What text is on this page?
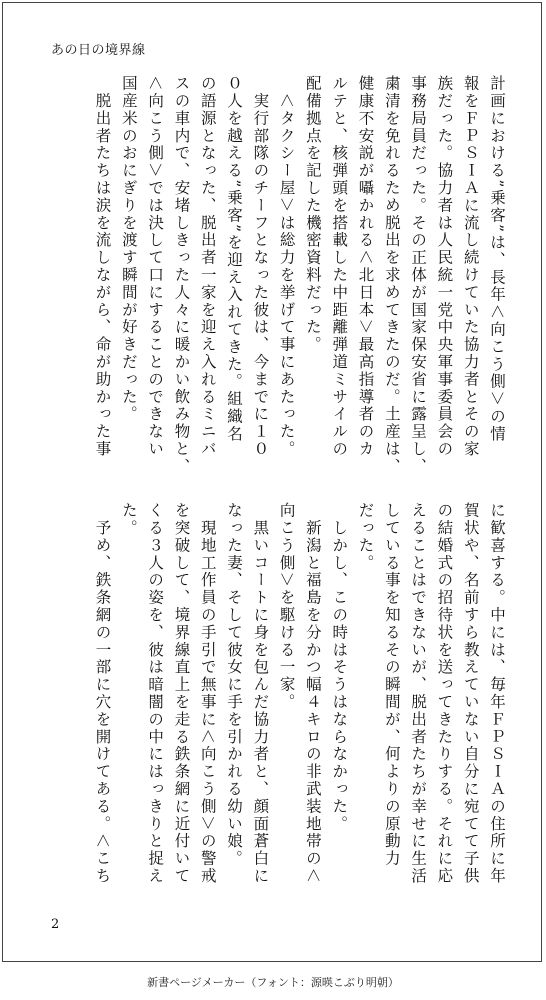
あの日の境界線
計画における”乗客”は、長年＜向こう側＞の情
報をＦＰＳＩＡに流し続けていた協力者とその家
族だった。協力者は人民統一党中央軍事委員会の
事務局員だった。その正体が国家保安省に露呈し、
粛清を免れるため脱出を求めてきたのだ。土産は、
健康不安説が囁かれる＜北日本＞最高指導者のカ
ルテと、核弾頭を搭載した中距離弾道ミサイルの
配備拠点を記した機密資料だった。
　＜タクシー屋＞は総力を挙げて事にあたった。
　実行部隊のチーフとなった彼は、今までに１０
０人を越える”乗客”を迎え入れてきた。組織名
の語源となった、脱出者一家を迎え入れるミニバ
スの車内で、安堵しきった人々に暖かい飲み物と、
＜向こう側＞では決して口にすることのできない
国産米のおにぎりを渡す瞬間が好きだった。
　脱出者たちは涙を流しながら、命が助かった事
に歓喜する。中には、毎年ＦＰＳＩＡの住所に年
賀状や、名前すら教えていない自分に宛てて子供
の結婚式の招待状を送ってきたりする。それに応
えることはできないが、脱出者たちが幸せに生活
している事を知るその瞬間が、何よりの原動力
だった。
　しかし、この時はそうはならなかった。
　新潟と福島を分かつ幅４キロの非武装地帯の＜
向こう側＞を駆ける一家。
　黒いコートに身を包んだ協力者と、顔面蒼白に
なった妻、そして彼女に手を引かれる幼い娘。
　現地工作員の手引で無事に＜向こう側＞の警戒
を突破して、境界線直上を走る鉄条網に近付いて
くる３人の姿を、彼は暗闇の中にはっきりと捉え
た。
　予め、鉄条網の一部に穴を開けてある。＜こち
2
新書ページメーカー（フォント：源暎こぶり明朝）
